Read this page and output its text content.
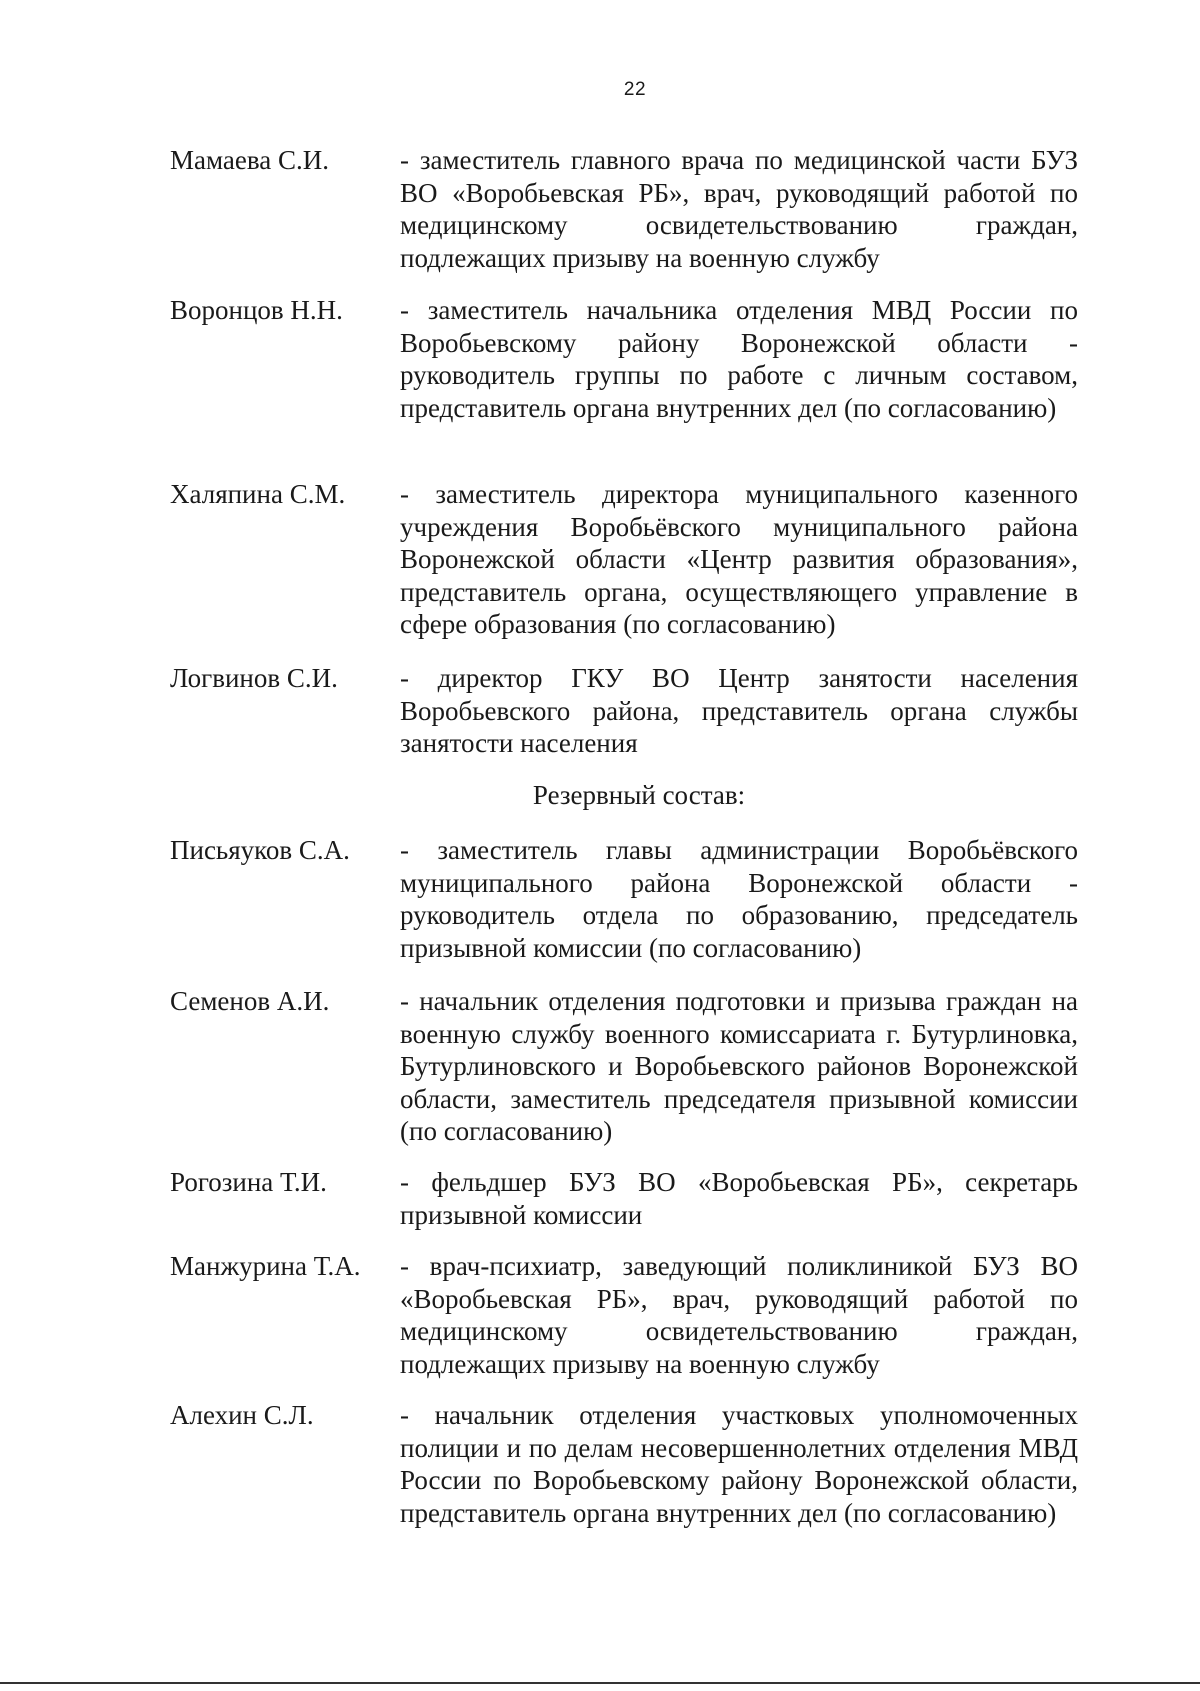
22
Мамаева С.И.	- заместитель главного врача по медицинской части БУЗ ВО «Воробьевская РБ», врач, руководящий работой по медицинскому освидетельствованию граждан, подлежащих призыву на военную службу
Воронцов Н.Н. - заместитель начальника отделения МВД России по Воробьевскому району Воронежской области - руководитель группы по работе с личным составом, представитель органа внутренних дел (по согласованию)
Халяпина С.М. - заместитель директора муниципального казенного учреждения Воробьёвского муниципального района Воронежской области «Центр развития образования», представитель органа, осуществляющего управление в сфере образования (по согласованию)
Логвинов С.И. - директор ГКУ ВО Центр занятости населения Воробьевского района, представитель органа службы занятости населения
Резервный состав:
Письяуков С.А. - заместитель главы администрации Воробьёвского муниципального района Воронежской области - руководитель отдела по образованию, председатель призывной комиссии (по согласованию)
Семенов А.И.	- начальник отделения подготовки и призыва граждан на военную службу военного комиссариата г. Бутурлиновка, Бутурлиновского и Воробьевского районов Воронежской области, заместитель председателя призывной комиссии (по согласованию)
Рогозина Т.И.	- фельдшер БУЗ ВО «Воробьевская РБ», секретарь призывной комиссии
Манжурина Т.А. - врач-психиатр, заведующий поликлиникой БУЗ ВО «Воробьевская РБ», врач, руководящий работой по медицинскому освидетельствованию граждан, подлежащих призыву на военную службу
Алехин С.Л.	- начальник отделения участковых уполномоченных полиции и по делам несовершеннолетних отделения МВД России по Воробьевскому району Воронежской области, представитель органа внутренних дел (по согласованию)
